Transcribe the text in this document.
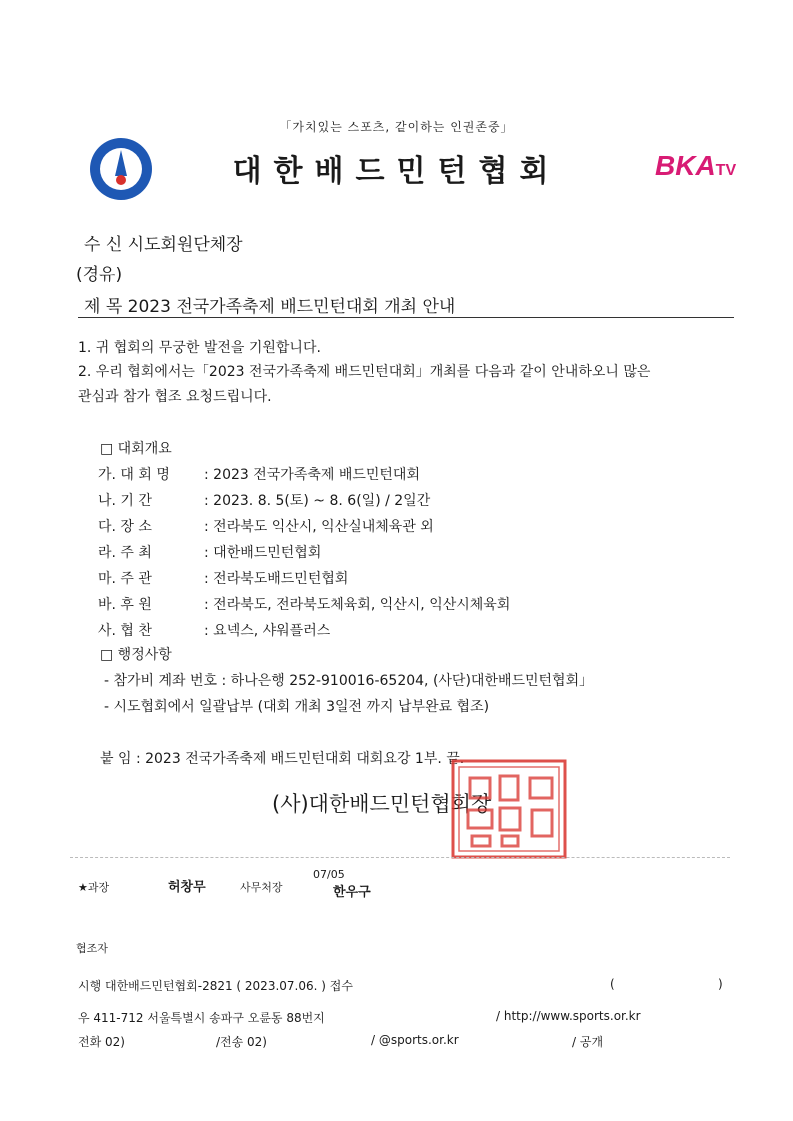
「가치있는 스포츠, 같이하는 인권존중」
대한배드민턴협회	BKATV
수 신 시도회원단체장
(경유)
제 목 2023 전국가족축제 배드민턴대회 개최 안내
1. 귀 협회의 무궁한 발전을 기원합니다.
2. 우리 협회에서는「2023 전국가족축제 배드민턴대회」개최를 다음과 같이 안내하오니 많은
관심과 참가 협조 요청드립니다.
□ 대회개요
가. 대 회 명 : 2023 전국가족축제 배드민턴대회
나. 기 간	: 2023. 8. 5(토) ~ 8. 6(일) / 2일간
다. 장 소	: 전라북도 익산시, 익산실내체육관 외
라. 주 최	: 대한배드민턴협회
마. 주 관	: 전라북도배드민턴협회
바. 후 원	: 전라북도, 전라북도체육회, 익산시, 익산시체육회
사. 협 찬	: 요넥스, 샤워플러스
□ 행정사항
- 참가비 계좌 번호 : 하나은행 252-910016-65204, (사단)대한배드민턴협회」
- 시도협회에서 일괄납부 (대회 개최 3일전 까지 납부완료 협조)
붙 임 : 2023 전국가족축제 배드민턴대회 대회요강 1부. 끝.
(사)대한배드민턴협회장
★과장	허창무	사무처장
07/05
한우구
협조자
시행 대한배드민턴협회-2821 ( 2023.07.06. ) 접수	(	)
우 411-712 서울특별시 송파구 오륜동 88번지	/ http://www.sports.or.kr
전화 02)	/전송 02)	/ @sports.or.kr	/ 공개
